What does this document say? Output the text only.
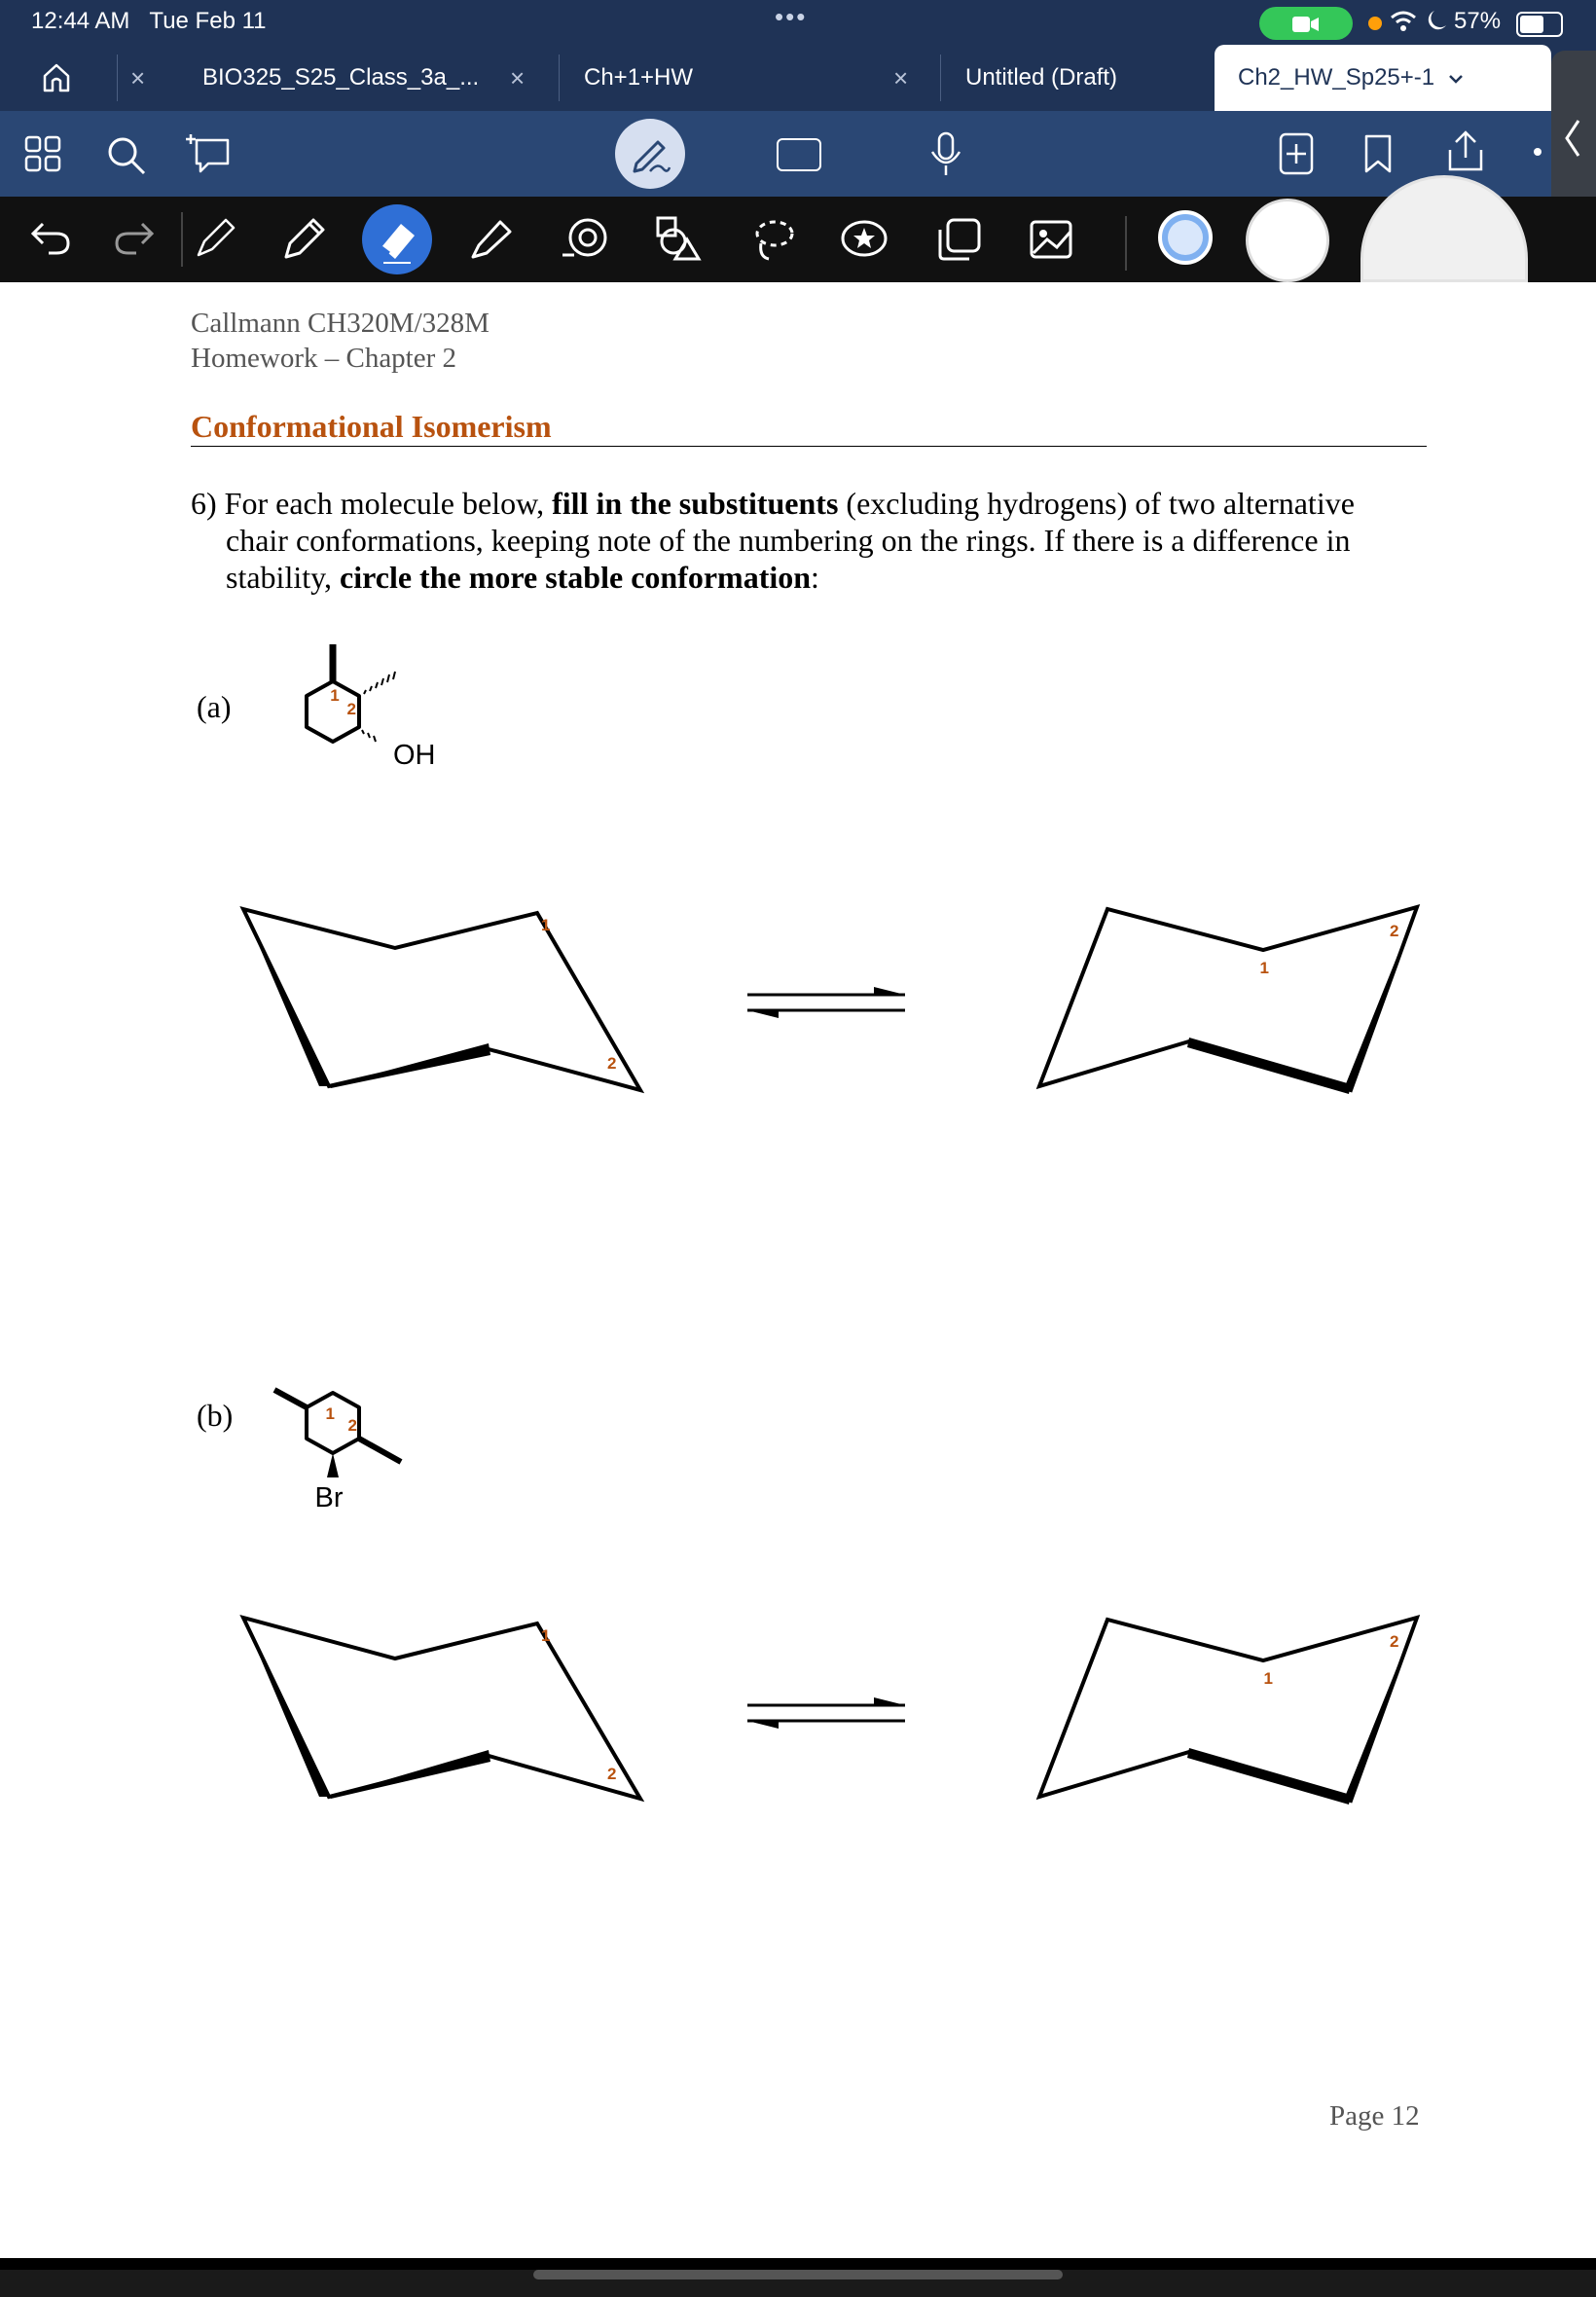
12:44 AM Tue Feb 11	•••	57%
× BIO325_S25_Class_3a_... ×	Ch+1+HW	× Untitled (Draft)	Ch2_HW_Sp25+-1
Callmann CH320M/328M
Homework – Chapter 2
Conformational Isomerism
6) For each molecule below, fill in the substituents (excluding hydrogens) of two alternative
chair conformations, keeping note of the numbering on the rings. If there is a difference in
stability, circle the more stable conformation:
(a)
(b)
1
2
OH
1
2
1
2
1
2
Br
1
2
1
2
Page 12
